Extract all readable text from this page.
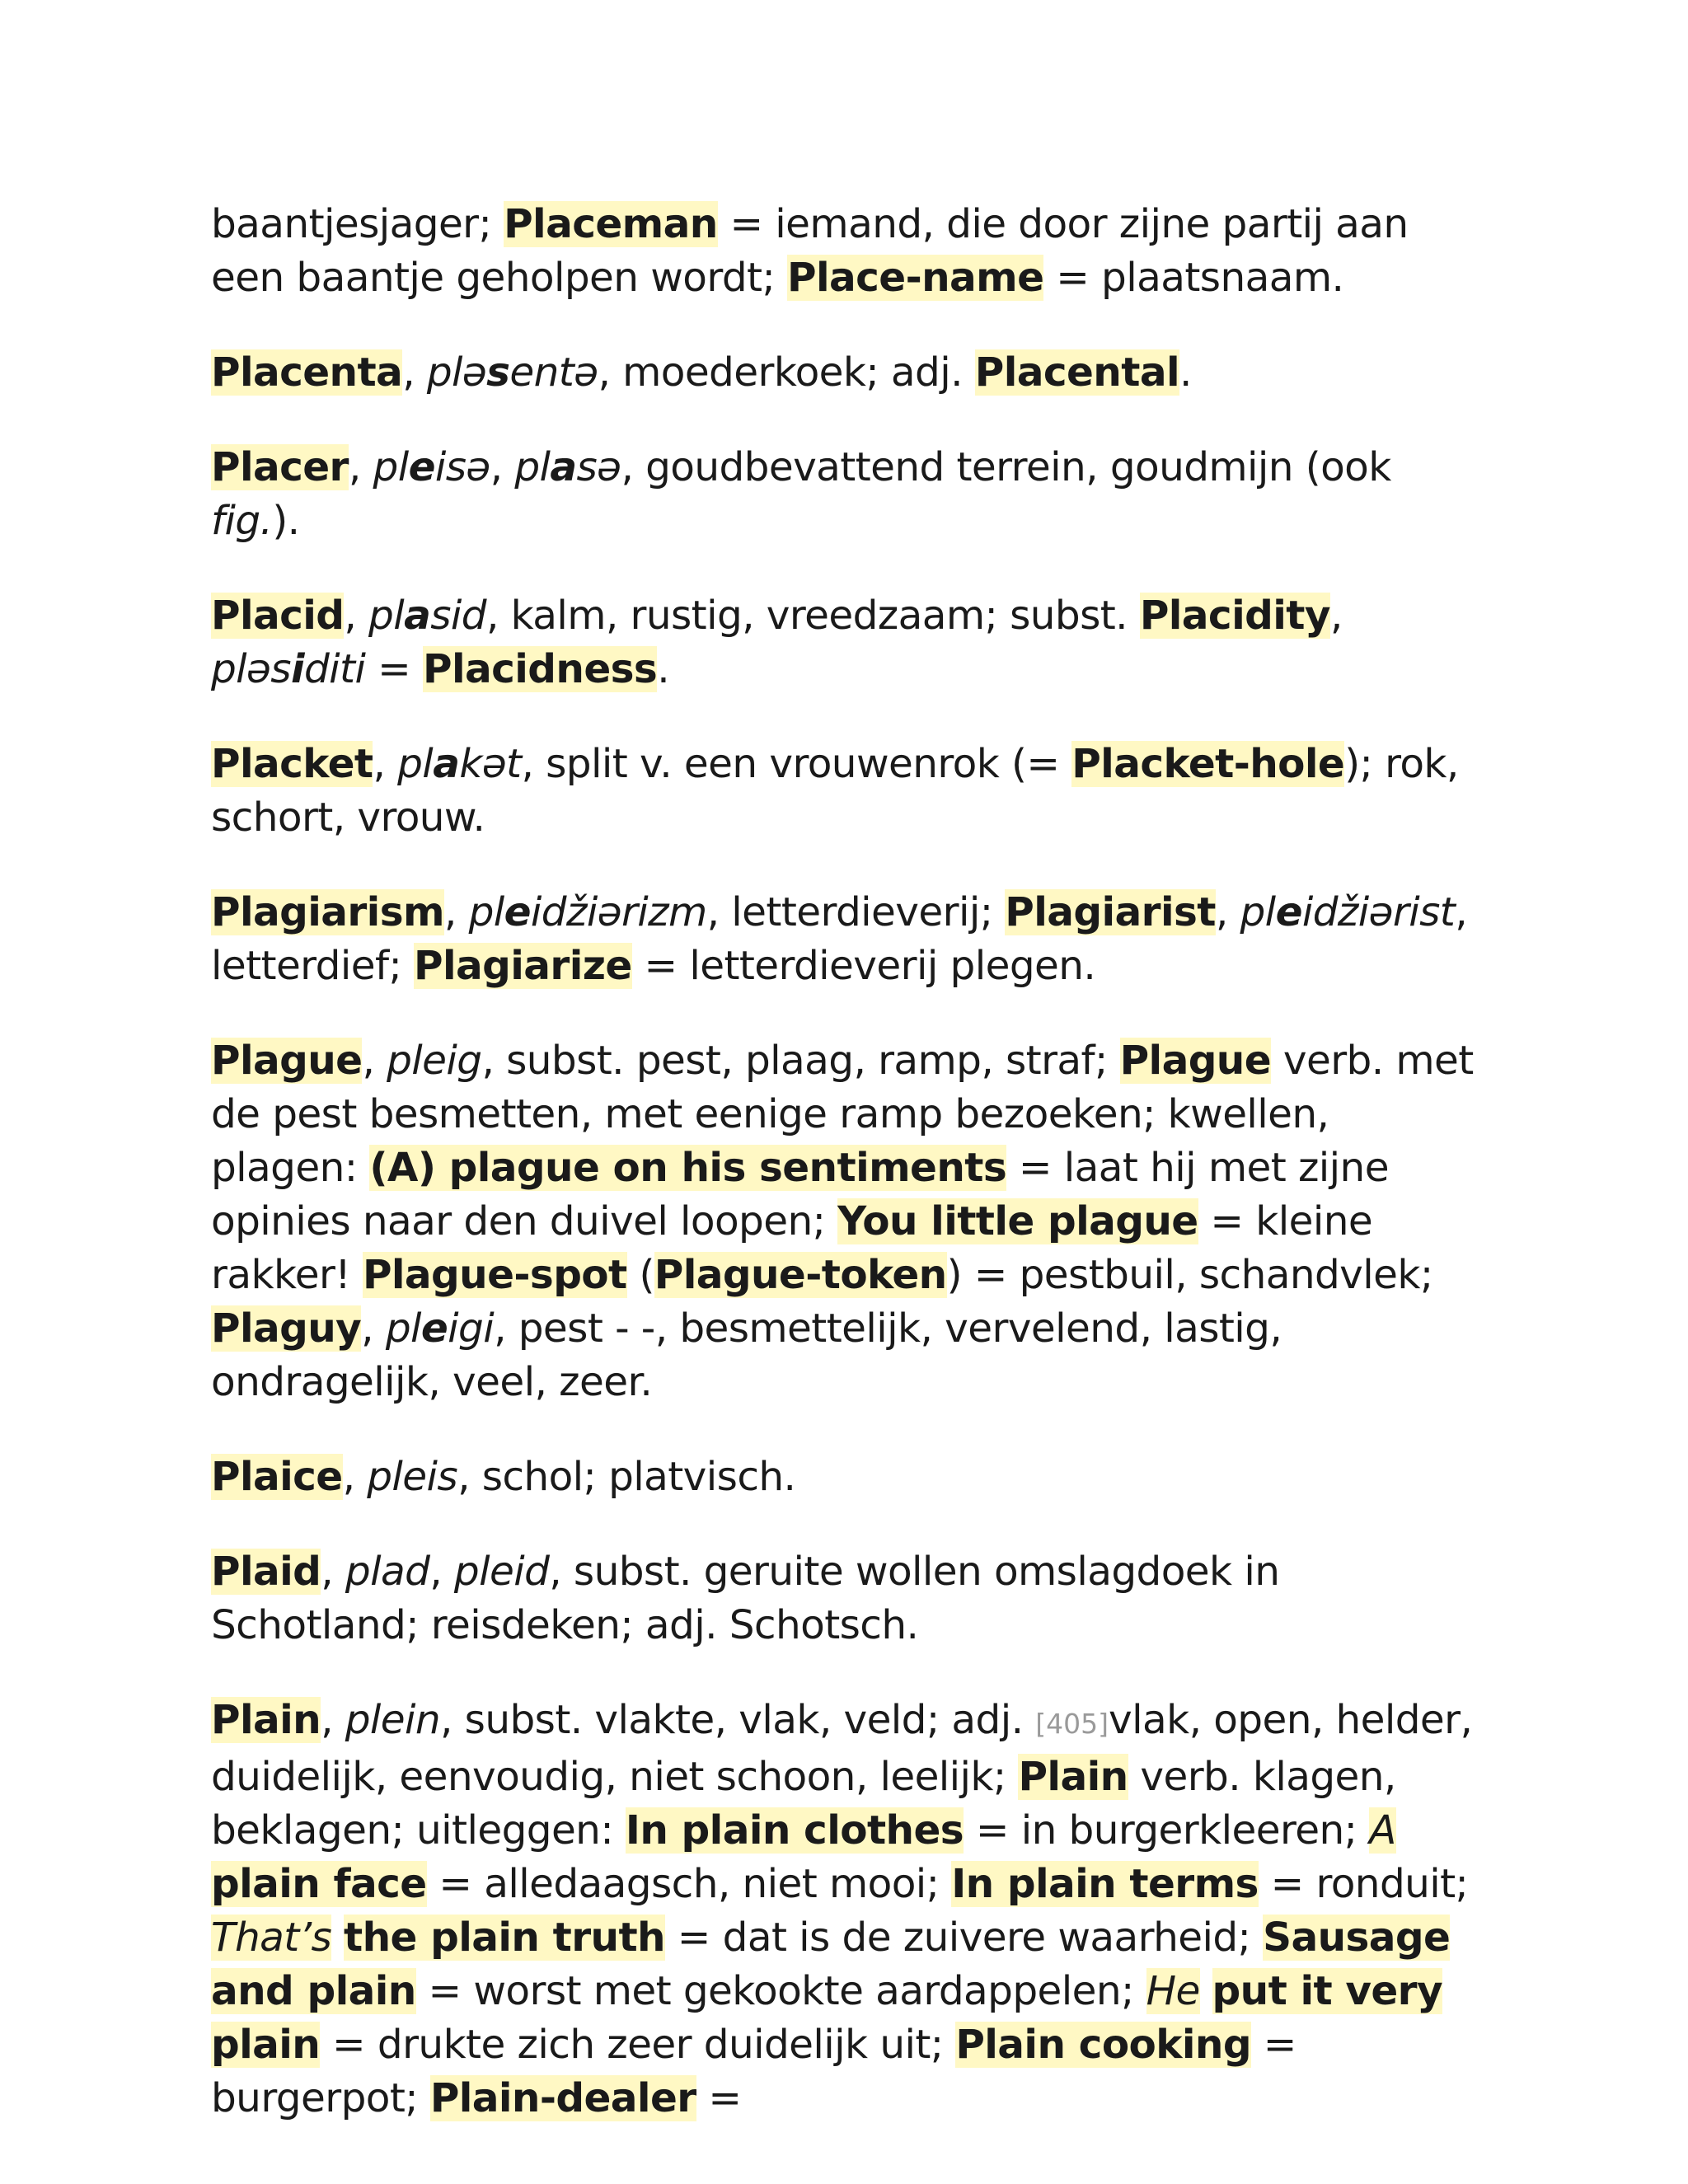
baantjesjager; Placeman = iemand, die door zijne partij aan een baantje geholpen wordt; Place-name = plaatsnaam.

Placenta, pləsentə, moederkoek; adj. Placental.

Placer, pleisə, plasə, goudbevattend terrein, goudmijn (ook fig.).

Placid, plasid, kalm, rustig, vreedzaam; subst. Placidity, pləsiditi = Placidness.

Placket, plakət, split v. een vrouwenrok (= Placket-hole); rok, schort, vrouw.

Plagiarism, pleidžiərizm, letterdieverij; Plagiarist, pleidžiərist, letterdief; Plagiarize = letterdieverij plegen.

Plague, pleig, subst. pest, plaag, ramp, straf; Plague verb. met de pest besmetten, met eenige ramp bezoeken; kwellen, plagen: (A) plague on his sentiments = laat hij met zijne opinies naar den duivel loopen; You little plague = kleine rakker! Plague-spot (Plague-token) = pestbuil, schandvlek; Plaguy, pleigi, pest - -, besmettelijk, vervelend, lastig, ondragelijk, veel, zeer.

Plaice, pleis, schol; platvisch.

Plaid, plad, pleid, subst. geruite wollen omslagdoek in Schotland; reisdeken; adj. Schotsch.

Plain, plein, subst. vlakte, vlak, veld; adj. [405]vlak, open, helder, duidelijk, eenvoudig, niet schoon, leelijk; Plain verb. klagen, beklagen; uitleggen: In plain clothes = in burgerkleeren; A plain face = alledaagsch, niet mooi; In plain terms = ronduit; That’s the plain truth = dat is de zuivere waarheid; Sausage and plain = worst met gekookte aardappelen; He put it very plain = drukte zich zeer duidelijk uit; Plain cooking = burgerpot; Plain-dealer =
